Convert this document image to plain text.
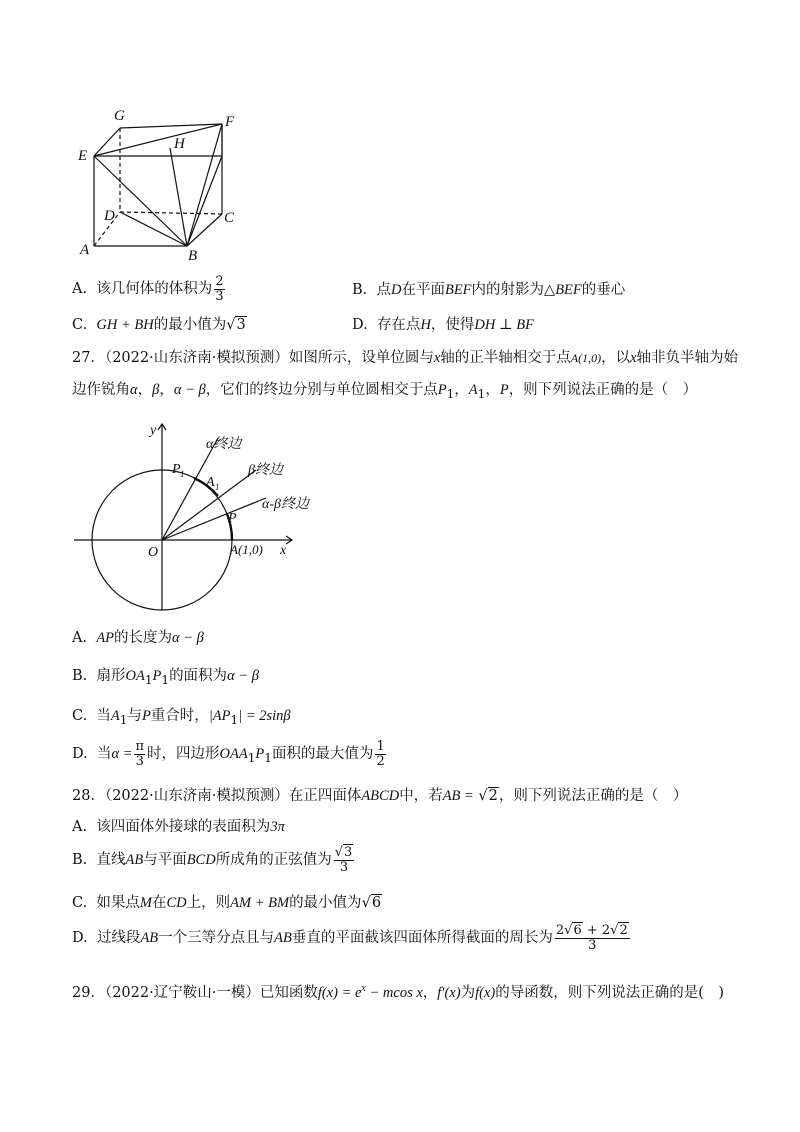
G	F
E
H
D	C
A	B
A. 该几何体的体积为 $\frac{2}{3}$	B. 点D在平面BEF内的射影为△BEF的垂心
C. GH + BH的最小值为√3	D. 存在点H，使得DH ⊥ BF
27．（2022·山东济南·模拟预测）如图所示，设单位圆与x轴的正半轴相交于点A(1,0)，以x轴非负半轴为始
边作锐角α，β，α − β，它们的终边分别与单位圆相交于点$P_1$，$A_1$，P，则下列说法正确的是（　）
y
x
O	A(1,0)
P 1
A 1
P
α终边
β终边
α-β终边
A. AP的长度为α − β
B. 扇形$OA_1P_1$的面积为α − β
C. 当$A_1$与P重合时，$|AP_1| = 2\sin\beta$
D. 当$\alpha = \frac{\pi}{3}$ 时，四边形$OAA_1P_1$面积的最大值为 $\frac{1}{2}$
28．（2022·山东济南·模拟预测）在正四面体ABCD中，若AB = √2，则下列说法正确的是（　）
A. 该四面体外接球的表面积为3π
B. 直线AB与平面BCD所成角的正弦值为 $\frac{√3}{3}$
C. 如果点M在CD上，则AM + BM的最小值为√6
D. 过线段AB一个三等分点且与AB垂直的平面截该四面体所得截面的周长为 $\frac{2√6 + 2√2}{3}$
29．（2022·辽宁鞍山·一模）已知函数$f(x) = e^x - mcos$ x，f′(x)为f(x)的导函数，则下列说法正确的是(　)
